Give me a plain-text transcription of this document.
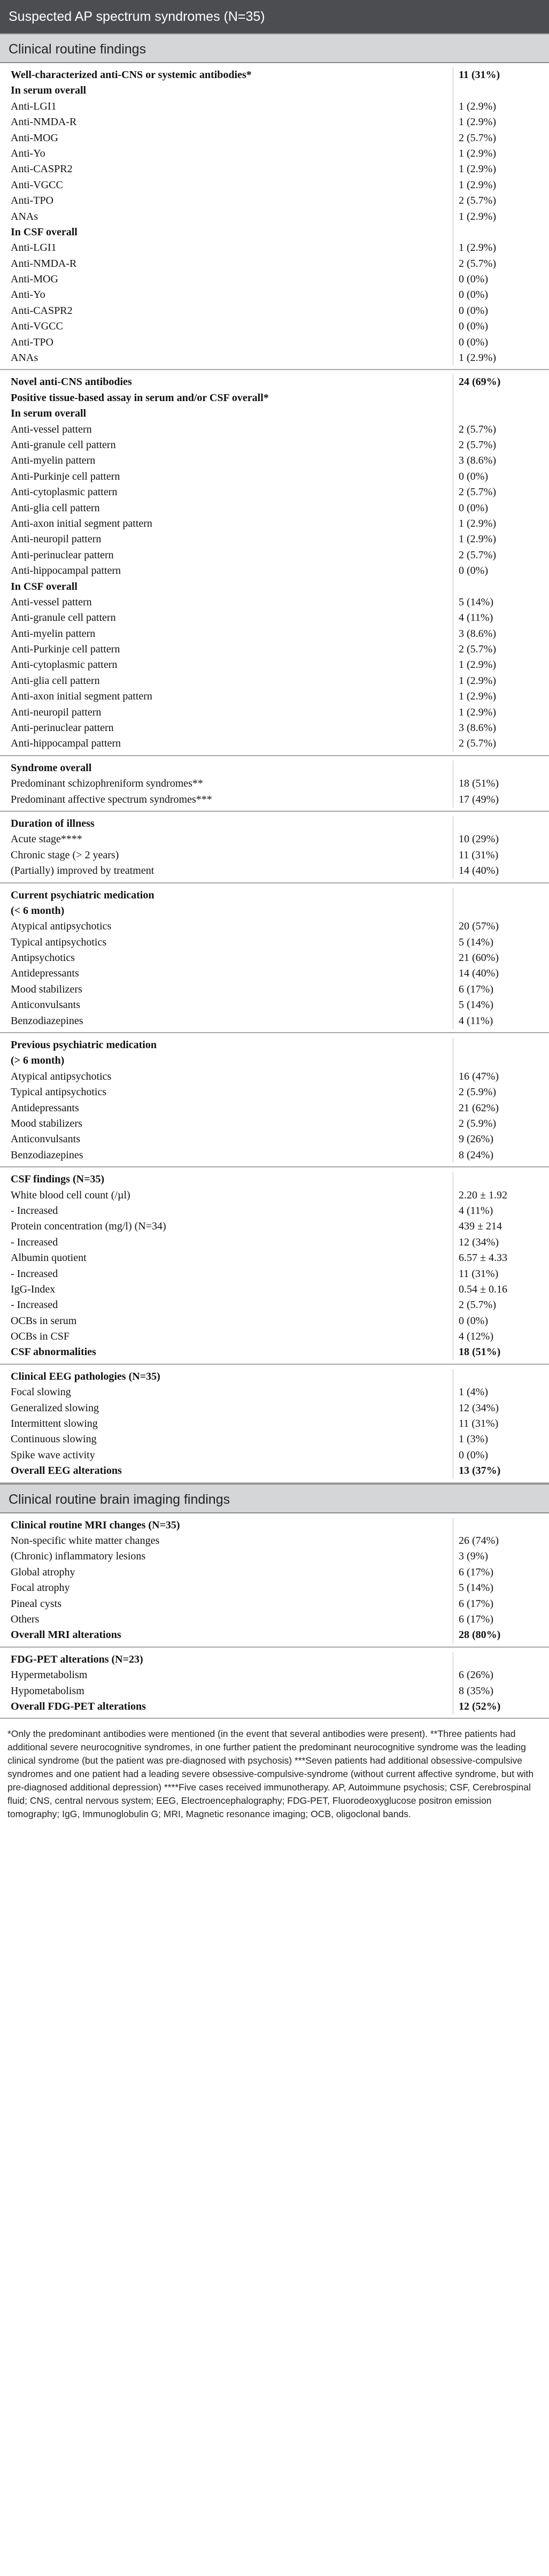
Suspected AP spectrum syndromes (N=35)
Clinical routine findings
Well-characterized anti-CNS or systemic antibodies*	11 (31%)
In serum overall
Anti-LGI1	1 (2.9%)
Anti-NMDA-R	1 (2.9%)
Anti-MOG	2 (5.7%)
Anti-Yo	1 (2.9%)
Anti-CASPR2	1 (2.9%)
Anti-VGCC	1 (2.9%)
Anti-TPO	2 (5.7%)
ANAs	1 (2.9%)
In CSF overall
Anti-LGI1	1 (2.9%)
Anti-NMDA-R	2 (5.7%)
Anti-MOG	0 (0%)
Anti-Yo	0 (0%)
Anti-CASPR2	0 (0%)
Anti-VGCC	0 (0%)
Anti-TPO	0 (0%)
ANAs	1 (2.9%)
Novel anti-CNS antibodies	24 (69%)
Positive tissue-based assay in serum and/or CSF overall*
In serum overall
Anti-vessel pattern	2 (5.7%)
Anti-granule cell pattern	2 (5.7%)
Anti-myelin pattern	3 (8.6%)
Anti-Purkinje cell pattern	0 (0%)
Anti-cytoplasmic pattern	2 (5.7%)
Anti-glia cell pattern	0 (0%)
Anti-axon initial segment pattern	1 (2.9%)
Anti-neuropil pattern	1 (2.9%)
Anti-perinuclear pattern	2 (5.7%)
Anti-hippocampal pattern	0 (0%)
In CSF overall
Anti-vessel pattern	5 (14%)
Anti-granule cell pattern	4 (11%)
Anti-myelin pattern	3 (8.6%)
Anti-Purkinje cell pattern	2 (5.7%)
Anti-cytoplasmic pattern	1 (2.9%)
Anti-glia cell pattern	1 (2.9%)
Anti-axon initial segment pattern	1 (2.9%)
Anti-neuropil pattern	1 (2.9%)
Anti-perinuclear pattern	3 (8.6%)
Anti-hippocampal pattern	2 (5.7%)
Syndrome overall
Predominant schizophreniform syndromes**	18 (51%)
Predominant affective spectrum syndromes***	17 (49%)
Duration of illness
Acute stage****	10 (29%)
Chronic stage (> 2 years)	11 (31%)
(Partially) improved by treatment	14 (40%)
Current psychiatric medication
(< 6 month)
Atypical antipsychotics	20 (57%)
Typical antipsychotics	5 (14%)
Antipsychotics	21 (60%)
Antidepressants	14 (40%)
Mood stabilizers	6 (17%)
Anticonvulsants	5 (14%)
Benzodiazepines	4 (11%)
Previous psychiatric medication
(> 6 month)
Atypical antipsychotics	16 (47%)
Typical antipsychotics	2 (5.9%)
Antidepressants	21 (62%)
Mood stabilizers	2 (5.9%)
Anticonvulsants	9 (26%)
Benzodiazepines	8 (24%)
CSF findings (N=35)
White blood cell count (/µl)	2.20 ± 1.92
- Increased	4 (11%)
Protein concentration (mg/l) (N=34)	439 ± 214
- Increased	12 (34%)
Albumin quotient	6.57 ± 4.33
- Increased	11 (31%)
IgG-Index	0.54 ± 0.16
- Increased	2 (5.7%)
OCBs in serum	0 (0%)
OCBs in CSF	4 (12%)
CSF abnormalities	18 (51%)
Clinical EEG pathologies (N=35)
Focal slowing	1 (4%)
Generalized slowing	12 (34%)
Intermittent slowing	11 (31%)
Continuous slowing	1 (3%)
Spike wave activity	0 (0%)
Overall EEG alterations	13 (37%)
Clinical routine brain imaging findings
Clinical routine MRI changes (N=35)
Non-specific white matter changes	26 (74%)
(Chronic) inflammatory lesions	3 (9%)
Global atrophy	6 (17%)
Focal atrophy	5 (14%)
Pineal cysts	6 (17%)
Others	6 (17%)
Overall MRI alterations	28 (80%)
FDG-PET alterations (N=23)
Hypermetabolism	6 (26%)
Hypometabolism	8 (35%)
Overall FDG-PET alterations	12 (52%)
*Only the predominant antibodies were mentioned (in the event that several antibodies were present). **Three patients had additional severe neurocognitive syndromes, in one further patient the predominant neurocognitive syndrome was the leading clinical syndrome (but the patient was pre-diagnosed with psychosis) ***Seven patients had additional obsessive-compulsive syndromes and one patient had a leading severe obsessive-compulsive-syndrome (without current affective syndrome, but with pre-diagnosed additional depression) ****Five cases received immunotherapy. AP, Autoimmune psychosis; CSF, Cerebrospinal fluid; CNS, central nervous system; EEG, Electroencephalography; FDG-PET, Fluorodeoxyglucose positron emission tomography; IgG, Immunoglobulin G; MRI, Magnetic resonance imaging; OCB, oligoclonal bands.
